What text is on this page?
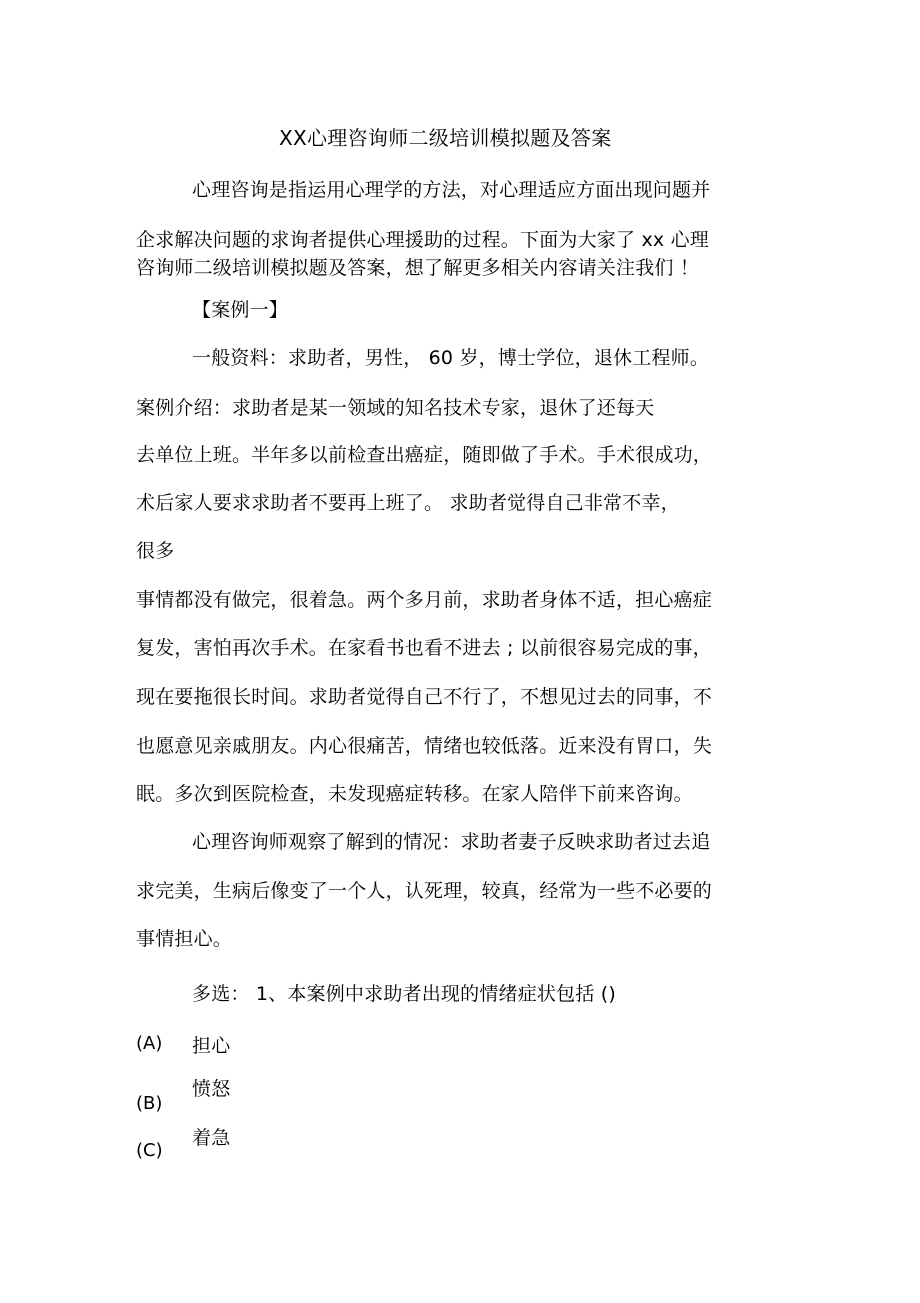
XX心理咨询师二级培训模拟题及答案
心理咨询是指运用心理学的方法，对心理适应方面出现问题并
企求解决问题的求询者提供心理援助的过程。下面为大家了 xx 心理
咨询师二级培训模拟题及答案，想了解更多相关内容请关注我们 ！
【案例一】
一般资料：求助者，男性， 60 岁，博士学位，退休工程师。
案例介绍：求助者是某一领域的知名技术专家，退休了还每天
去单位上班。半年多以前检查出癌症，随即做了手术。手术很成功，
术后家人要求求助者不要再上班了。 求助者觉得自己非常不幸，
很多
事情都没有做完，很着急。两个多月前，求助者身体不适，担心癌症
复发，害怕再次手术。在家看书也看不进去 ; 以前很容易完成的事，
现在要拖很长时间。求助者觉得自己不行了，不想见过去的同事，不
也愿意见亲戚朋友。内心很痛苦，情绪也较低落。近来没有胃口，失
眠。多次到医院检查，未发现癌症转移。在家人陪伴下前来咨询。
心理咨询师观察了解到的情况：求助者妻子反映求助者过去追
求完美，生病后像变了一个人，认死理，较真，经常为一些不必要的
事情担心。
多选： 1、本案例中求助者出现的情绪症状包括 ()
(A) 担心
(B)
愤怒
(C)
着急
